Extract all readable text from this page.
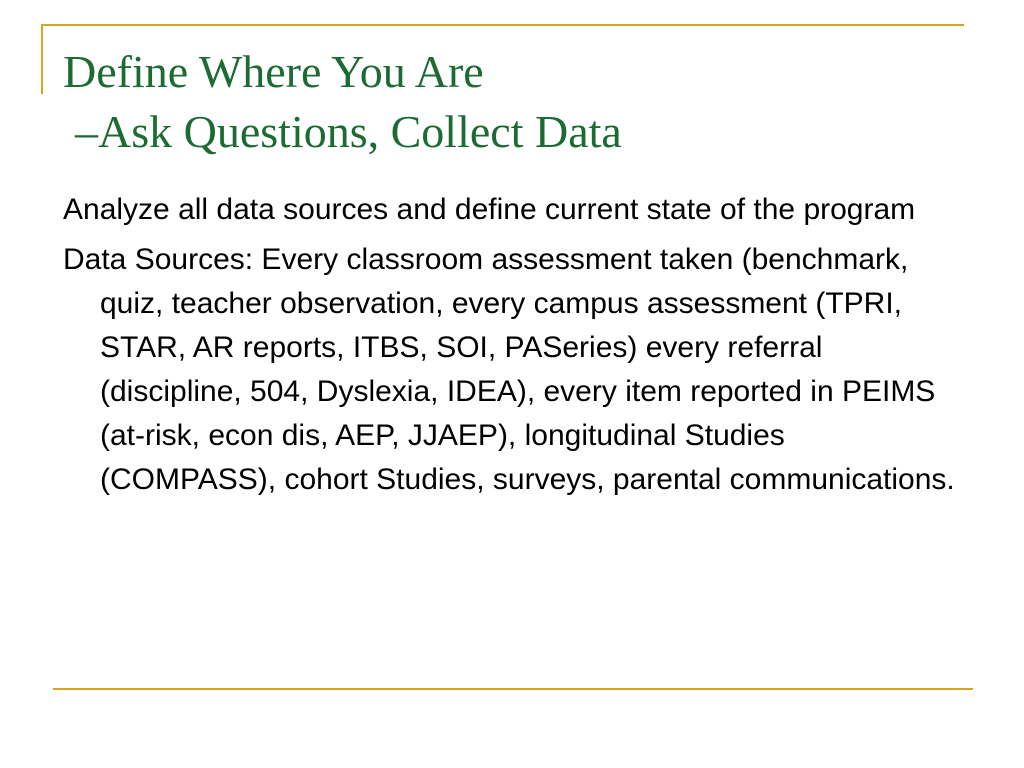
Define Where You Are
–Ask Questions, Collect Data
Analyze all data sources and define current state of the program
Data Sources: Every classroom assessment taken (benchmark, quiz, teacher observation, every campus assessment (TPRI, STAR, AR reports, ITBS, SOI, PASeries) every referral (discipline, 504, Dyslexia, IDEA), every item reported in PEIMS (at-risk, econ dis, AEP, JJAEP), longitudinal Studies (COMPASS), cohort Studies, surveys, parental communications.
